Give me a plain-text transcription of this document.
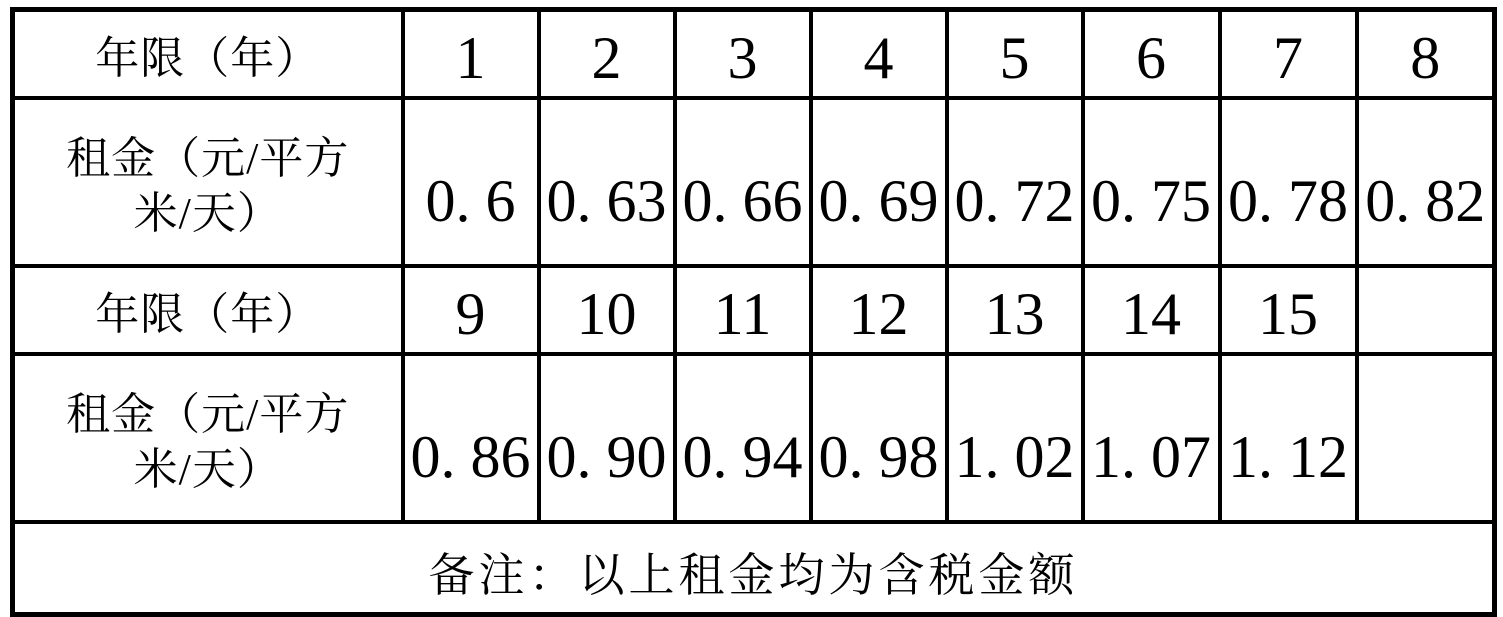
年限（年）	1	2	3	4	5	6	7	8

租金（元/平方
米/天）	0. 6	0. 63	0. 66	0. 69	0. 72	0. 75	0. 78	0. 82
年限（年）	9	10	11	12	13	14	15	

租金（元/平方
米/天）	0. 86	0. 90	0. 94	0. 98	1. 02	1. 07	1. 12	
备注：以上租金均为含税金额								
